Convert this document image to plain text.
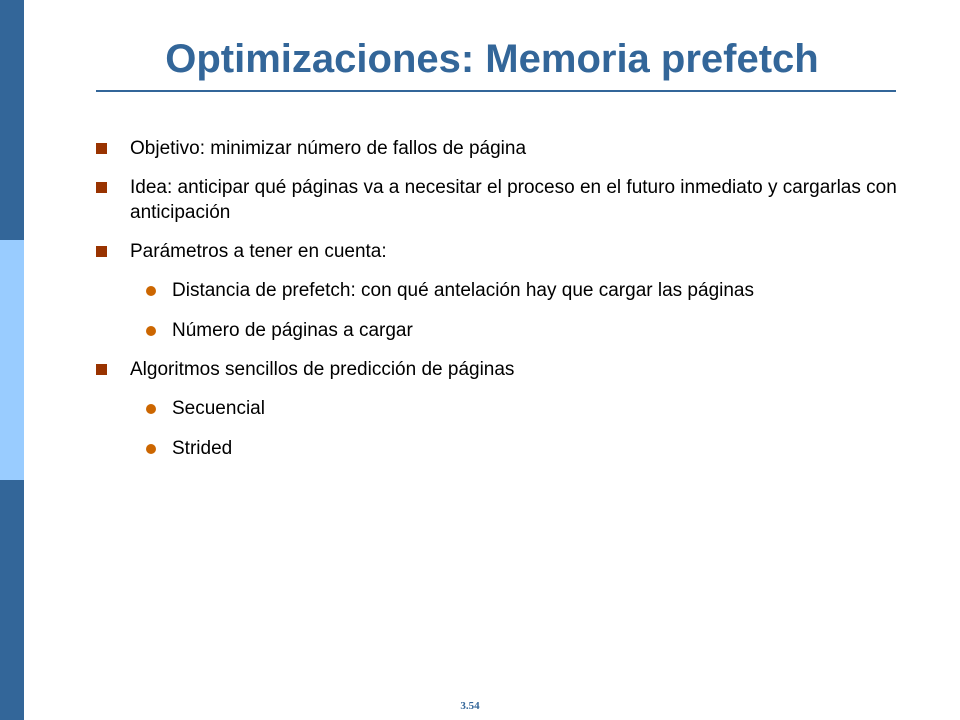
Optimizaciones: Memoria prefetch
Objetivo: minimizar número de fallos de página
Idea: anticipar qué páginas va a necesitar el proceso en el futuro inmediato y cargarlas con anticipación
Parámetros a tener en cuenta:
Distancia de prefetch: con qué antelación hay que cargar las páginas
Número de páginas a cargar
Algoritmos sencillos de predicción de páginas
Secuencial
Strided
3.54
